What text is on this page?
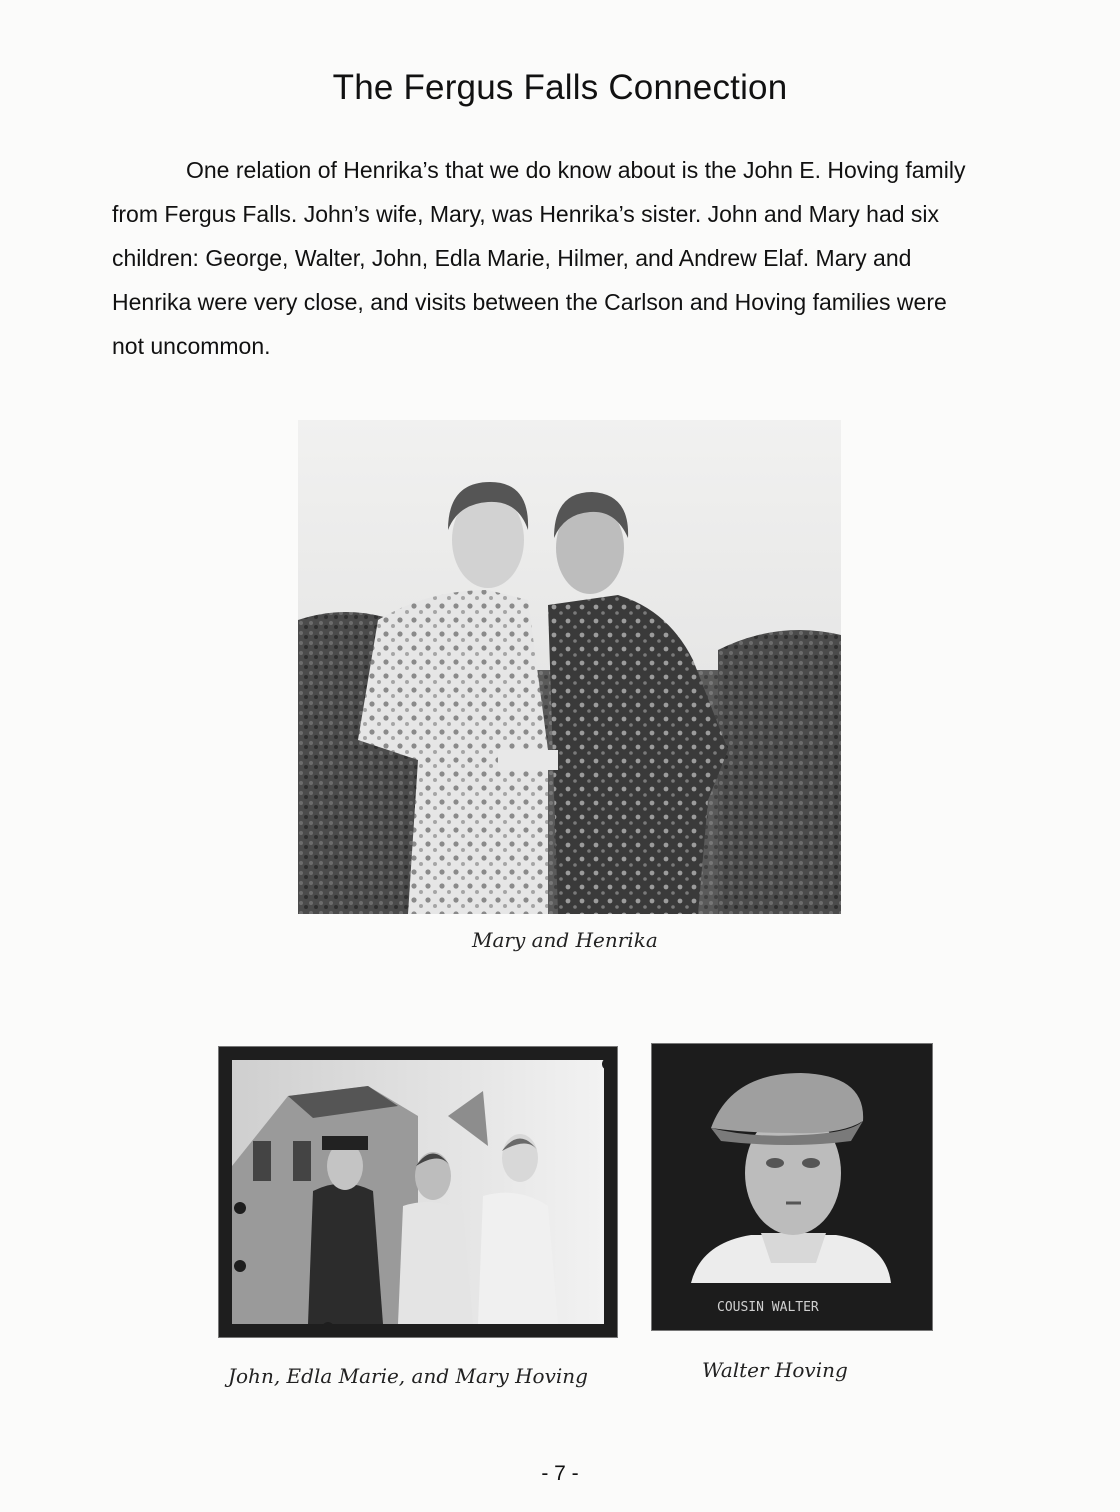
The Fergus Falls Connection

One relation of Henrika’s that we do know about is the John E. Hoving family from Fergus Falls. John’s wife, Mary, was Henrika’s sister. John and Mary had six children: George, Walter, John, Edla Marie, Hilmer, and Andrew Elaf. Mary and Henrika were very close, and visits between the Carlson and Hoving families were not uncommon.

Mary and Henrika
John, Edla Marie, and Mary Hoving
COUSIN WALTER
Walter Hoving
- 7 -
